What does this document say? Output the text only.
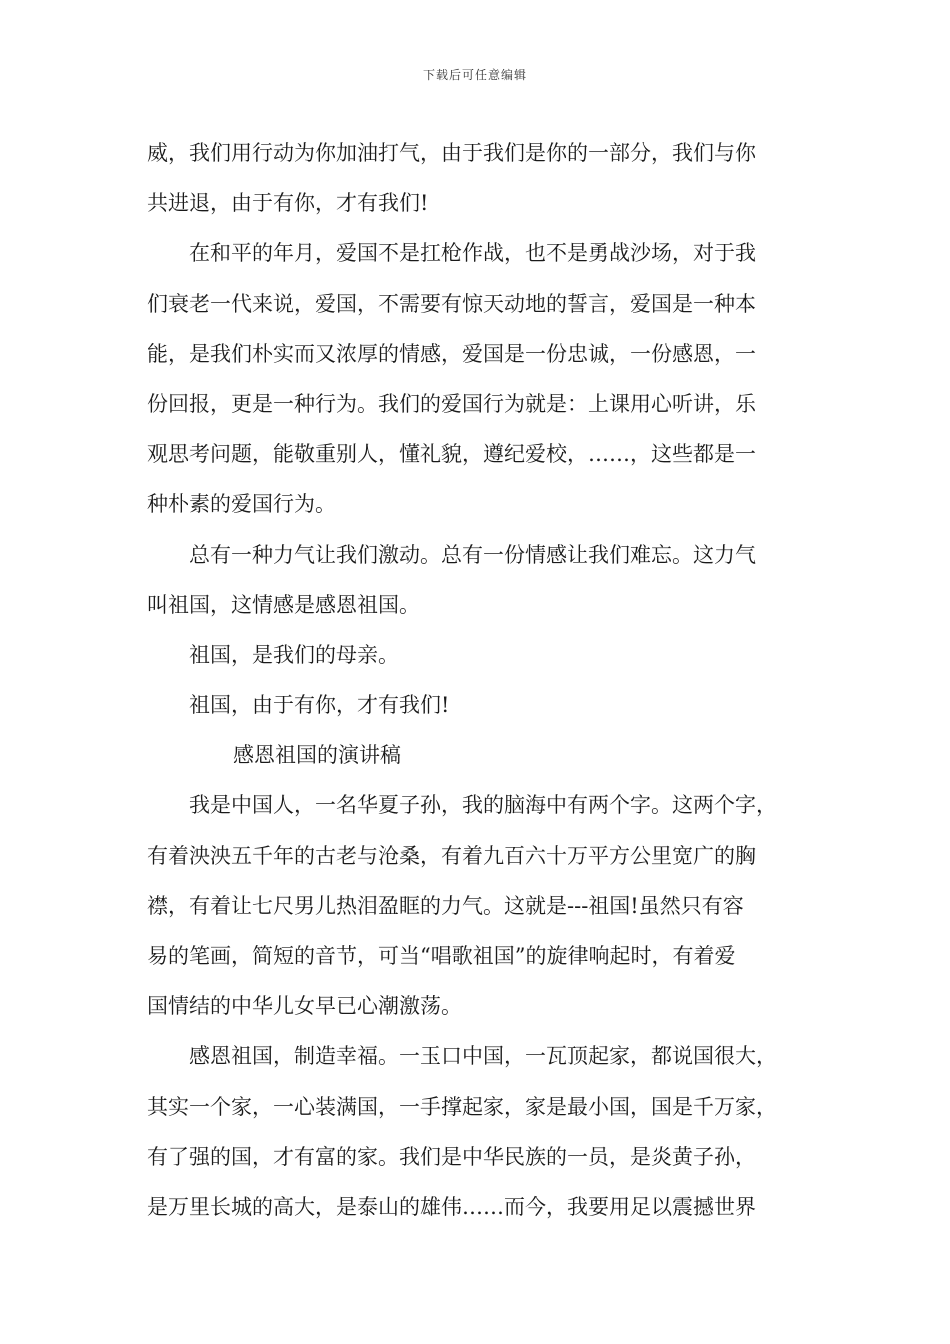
下载后可任意编辑
威，我们用行动为你加油打气，由于我们是你的一部分，我们与你
共进退，由于有你，才有我们!
在和平的年月，爱国不是扛枪作战，也不是勇战沙场，对于我
们衰老一代来说，爱国，不需要有惊天动地的誓言，爱国是一种本
能，是我们朴实而又浓厚的情感，爱国是一份忠诚，一份感恩，一
份回报，更是一种行为。我们的爱国行为就是：上课用心听讲，乐
观思考问题，能敬重别人，懂礼貌，遵纪爱校，……，这些都是一
种朴素的爱国行为。
总有一种力气让我们激动。总有一份情感让我们难忘。这力气
叫祖国，这情感是感恩祖国。
祖国，是我们的母亲。
祖国，由于有你，才有我们!
感恩祖国的演讲稿
我是中国人，一名华夏子孙，我的脑海中有两个字。这两个字，
有着泱泱五千年的古老与沧桑，有着九百六十万平方公里宽广的胸
襟，有着让七尺男儿热泪盈眶的力气。这就是---祖国!虽然只有容
易的笔画，简短的音节，可当“唱歌祖国”的旋律响起时，有着爱
国情结的中华儿女早已心潮激荡。
感恩祖国，制造幸福。一玉口中国，一瓦顶起家，都说国很大，
其实一个家，一心装满国，一手撑起家，家是最小国，国是千万家，
有了强的国，才有富的家。我们是中华民族的一员，是炎黄子孙，
是万里长城的高大，是泰山的雄伟……而今，我要用足以震撼世界
